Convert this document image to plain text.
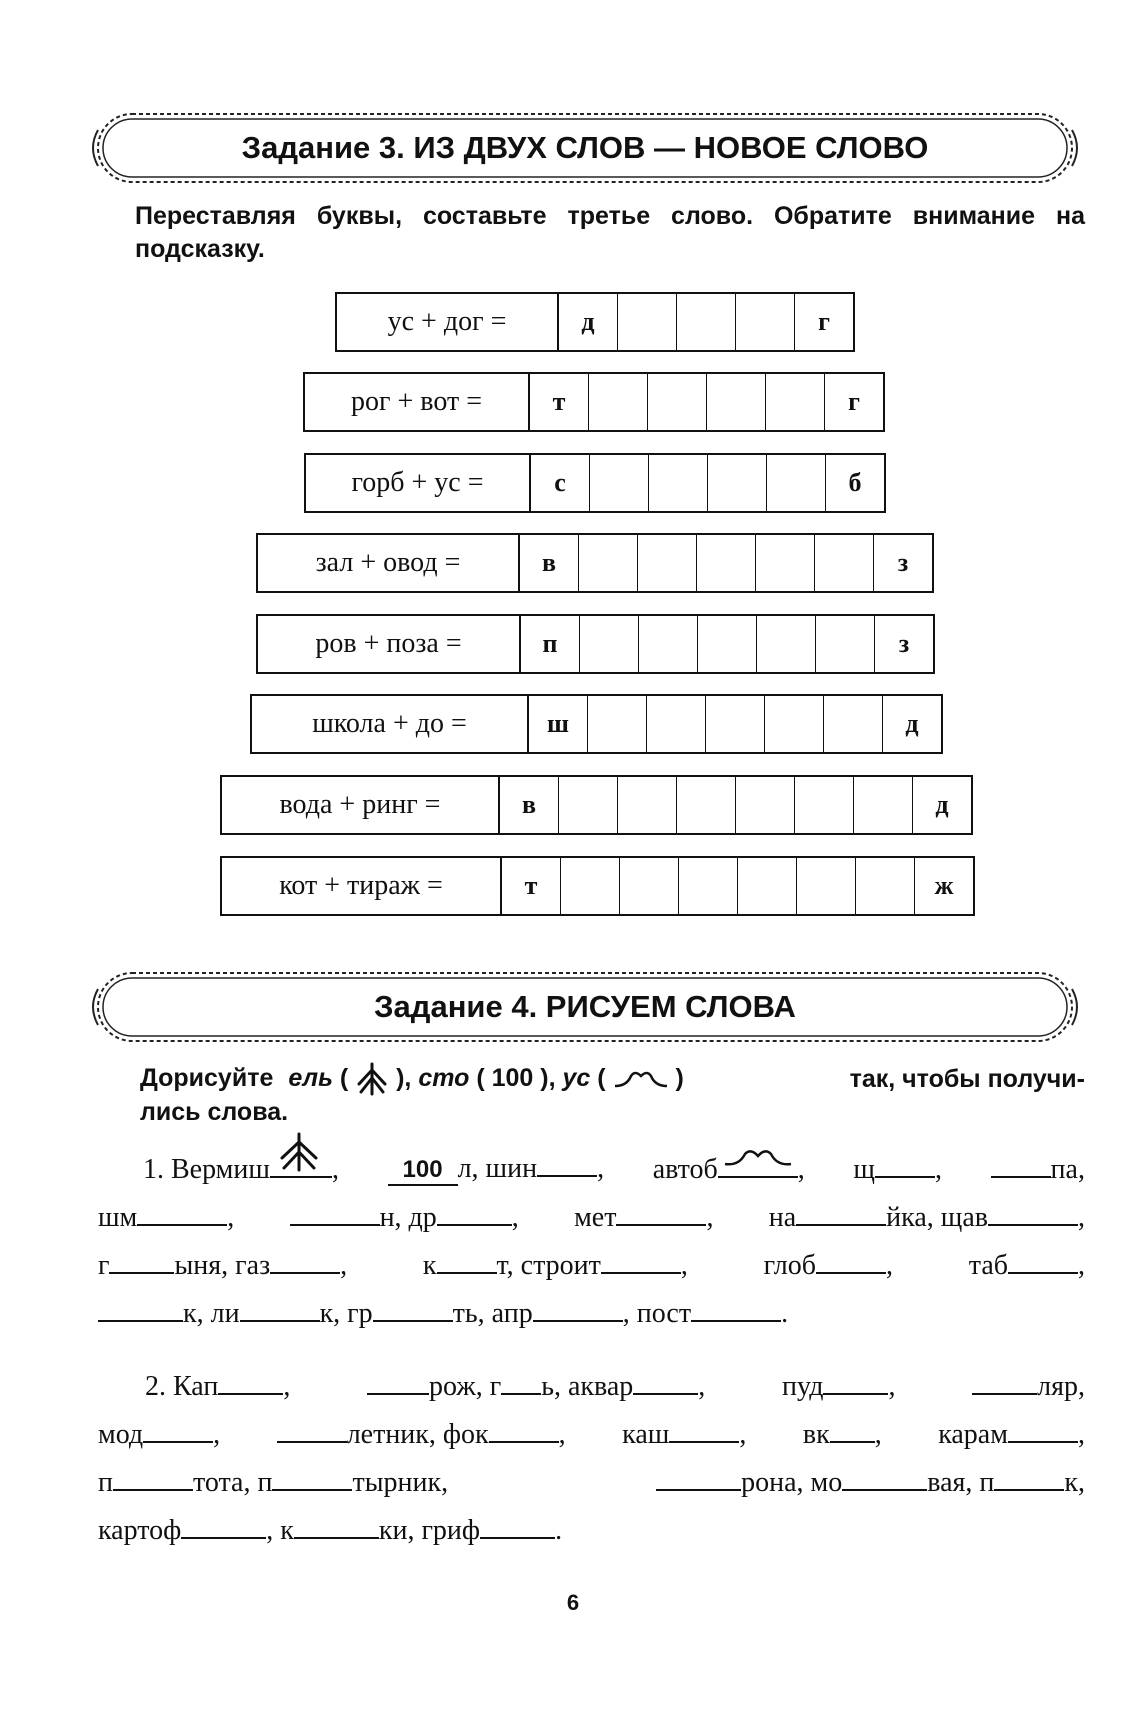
Задание 3. ИЗ ДВУХ СЛОВ — НОВОЕ СЛОВО

Переставляя буквы, составьте третье слово. Обратите внимание на подсказку.

ус + дог =	д	г
рог + вот =	т	г
горб + ус =	с	б
зал + овод =	в	з
ров + поза =	п	з
школа + до =	ш	д
вода + ринг =	в	д
кот + тираж =	т	ж
Задание 4. РИСУЕМ СЛОВА
Дорисуйте ель (  ), сто ( 100 ), ус (  )	так, чтобы получи-
лись слова.
1. Вермиш ,	100 л, шин , автоб	, щ ,	па,
шм	,	н, др	, мет	, на	йка, щав	,
г ыня, газ	,	к т, строит	,	глоб	,	таб	,
к, ли	к, гр	ть, апр	, пост	.
2. Кап ,	рож, г ь, аквар ,	пуд ,	ляр,
мод	,	летник, фок	, каш	, вк , карам	,
п	тота, п	тырник,	рона, мо	вая, п	к,
картоф	, к	ки, гриф	.
6
